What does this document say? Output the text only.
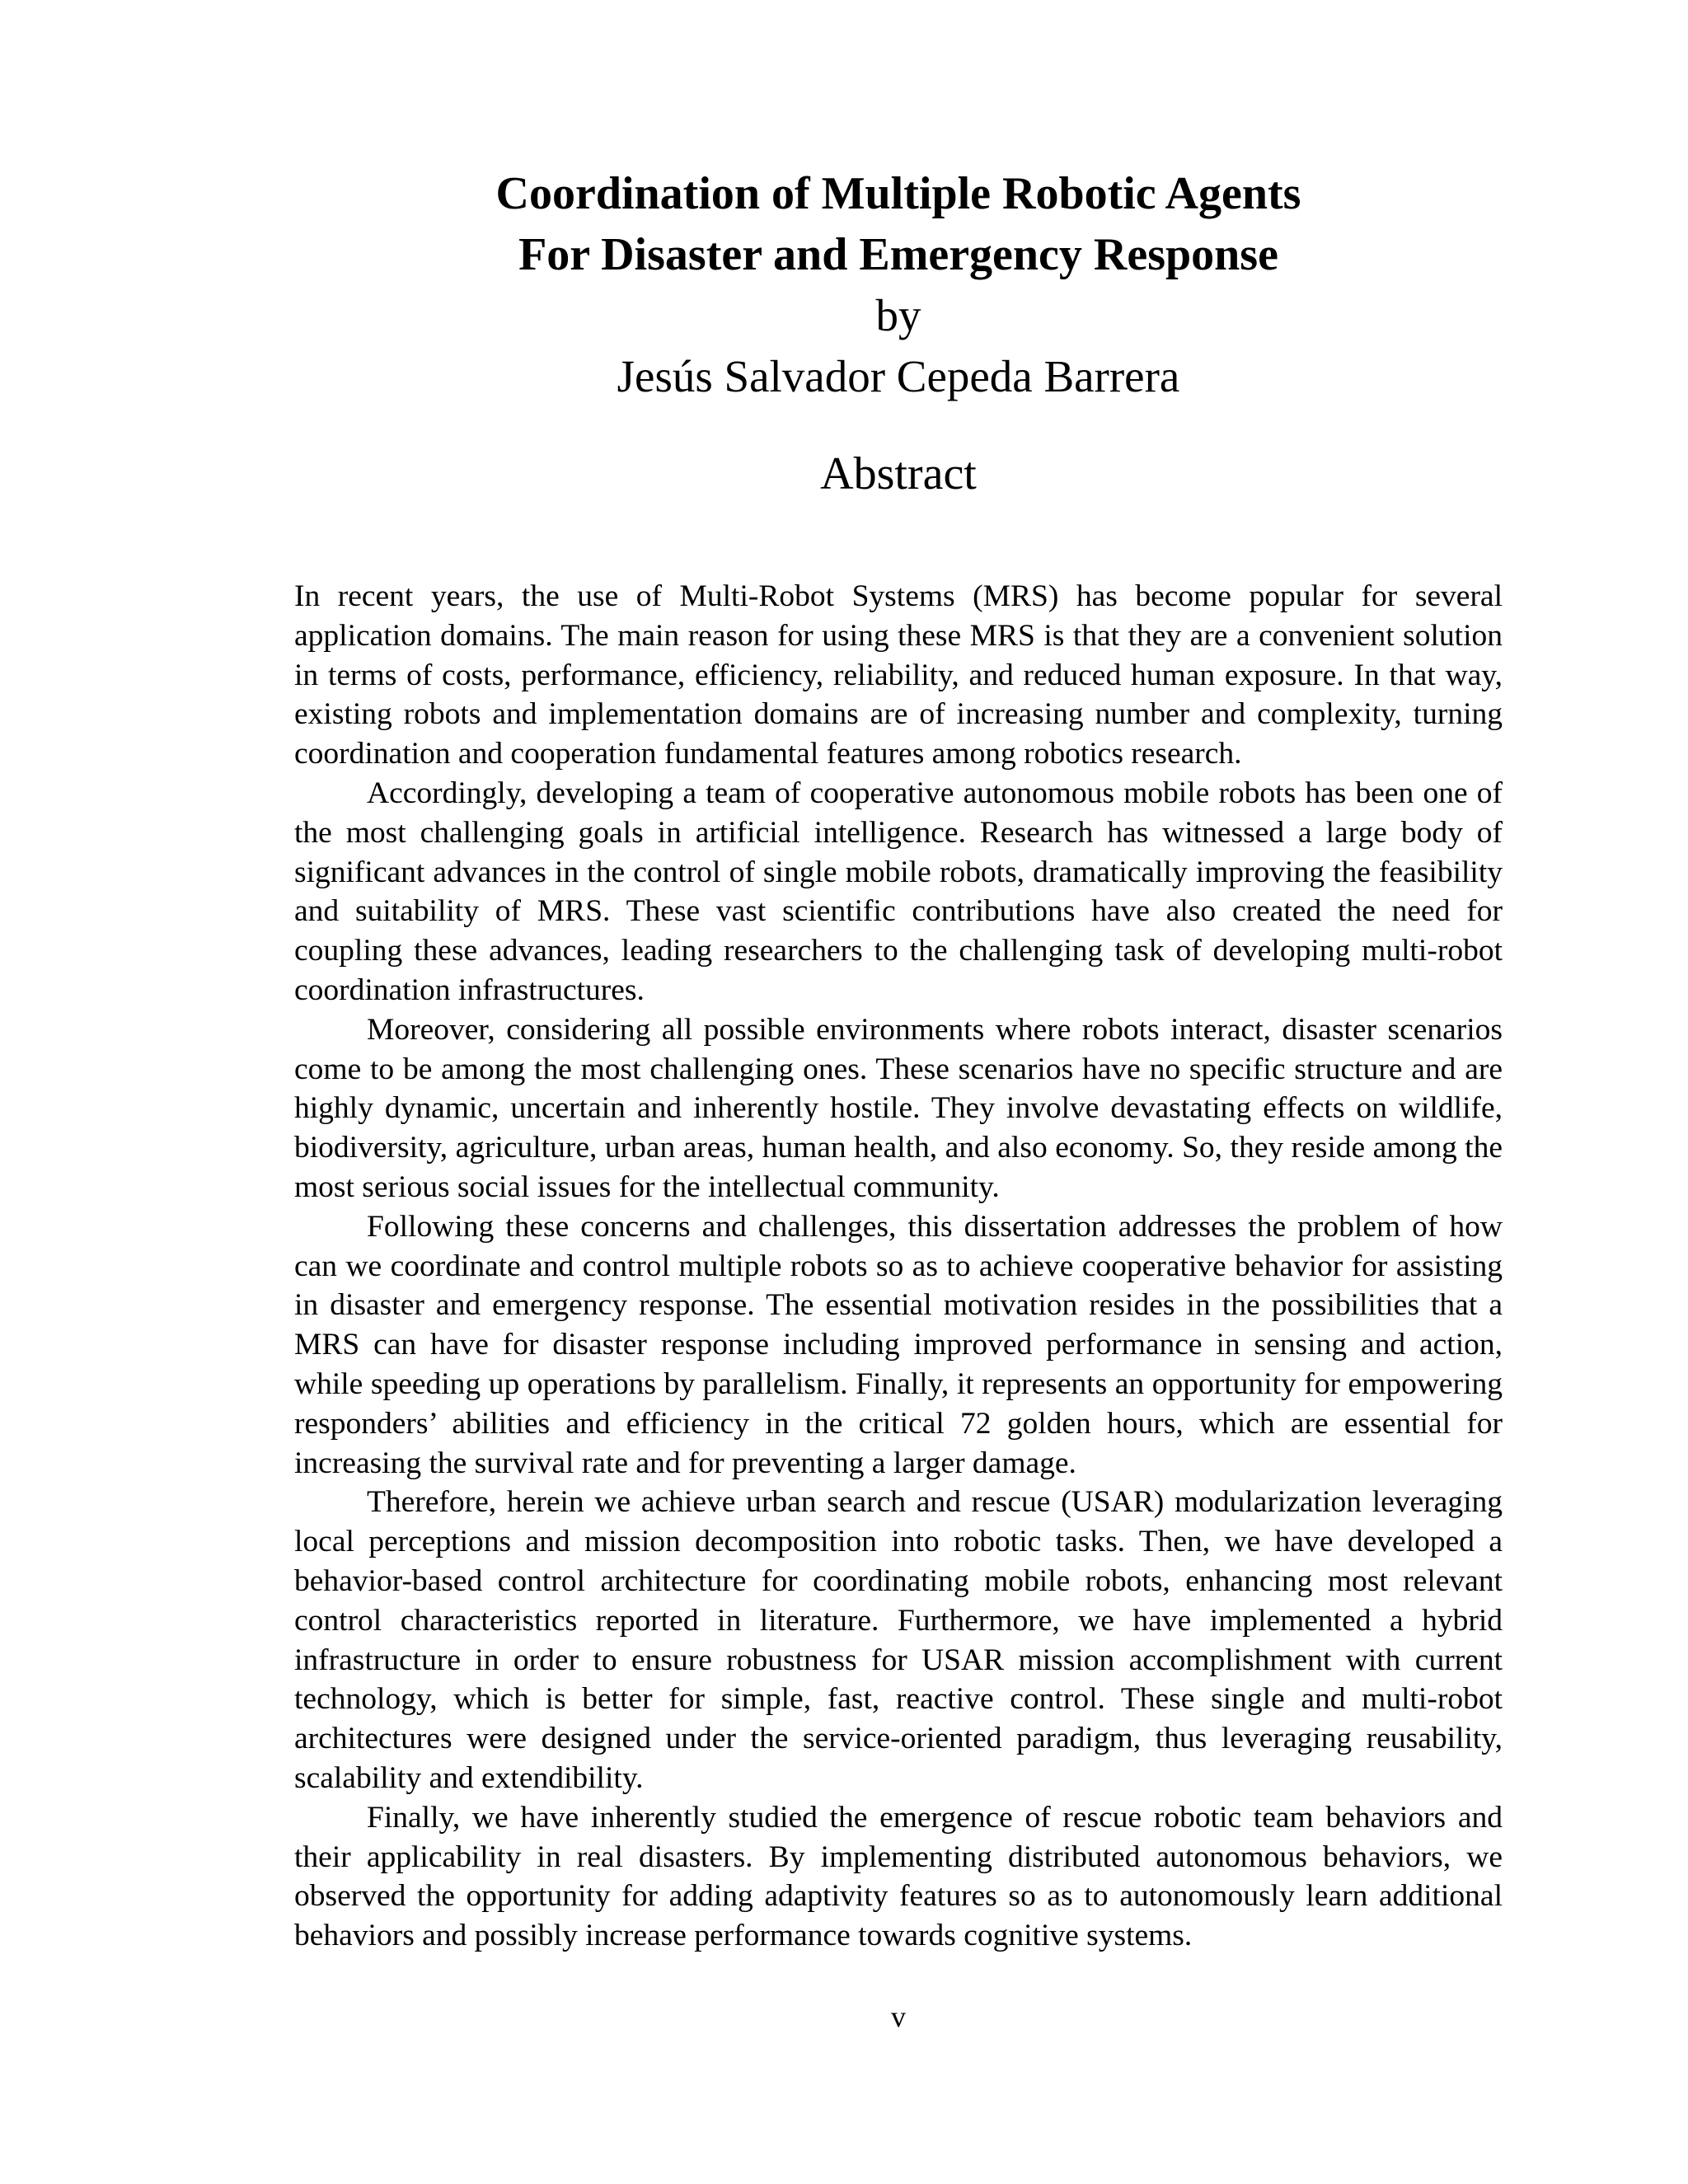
Coordination of Multiple Robotic Agents
For Disaster and Emergency Response
by
Jesús Salvador Cepeda Barrera
Abstract

In recent years, the use of Multi-Robot Systems (MRS) has become popular for several application domains. The main reason for using these MRS is that they are a convenient solution in terms of costs, performance, efficiency, reliability, and reduced human exposure. In that way, existing robots and implementation domains are of increasing number and complexity, turning coordination and cooperation fundamental features among robotics research.

Accordingly, developing a team of cooperative autonomous mobile robots has been one of the most challenging goals in artificial intelligence. Research has witnessed a large body of significant advances in the control of single mobile robots, dramatically improving the feasibility and suitability of MRS. These vast scientific contributions have also created the need for coupling these advances, leading researchers to the challenging task of developing multi-robot coordination infrastructures.

Moreover, considering all possible environments where robots interact, disaster scenarios come to be among the most challenging ones. These scenarios have no specific structure and are highly dynamic, uncertain and inherently hostile. They involve devastating effects on wildlife, biodiversity, agriculture, urban areas, human health, and also economy. So, they reside among the most serious social issues for the intellectual community.

Following these concerns and challenges, this dissertation addresses the problem of how can we coordinate and control multiple robots so as to achieve cooperative behavior for assisting in disaster and emergency response. The essential motivation resides in the possibilities that a MRS can have for disaster response including improved performance in sensing and action, while speeding up operations by parallelism. Finally, it represents an opportunity for empowering responders’ abilities and efficiency in the critical 72 golden hours, which are essential for increasing the survival rate and for preventing a larger damage.

Therefore, herein we achieve urban search and rescue (USAR) modularization leveraging local perceptions and mission decomposition into robotic tasks. Then, we have developed a behavior-based control architecture for coordinating mobile robots, enhancing most relevant control characteristics reported in literature. Furthermore, we have implemented a hybrid infrastructure in order to ensure robustness for USAR mission accomplishment with current technology, which is better for simple, fast, reactive control. These single and multi-robot architectures were designed under the service-oriented paradigm, thus leveraging reusability, scalability and extendibility.

Finally, we have inherently studied the emergence of rescue robotic team behaviors and their applicability in real disasters. By implementing distributed autonomous behaviors, we observed the opportunity for adding adaptivity features so as to autonomously learn additional behaviors and possibly increase performance towards cognitive systems.

v
